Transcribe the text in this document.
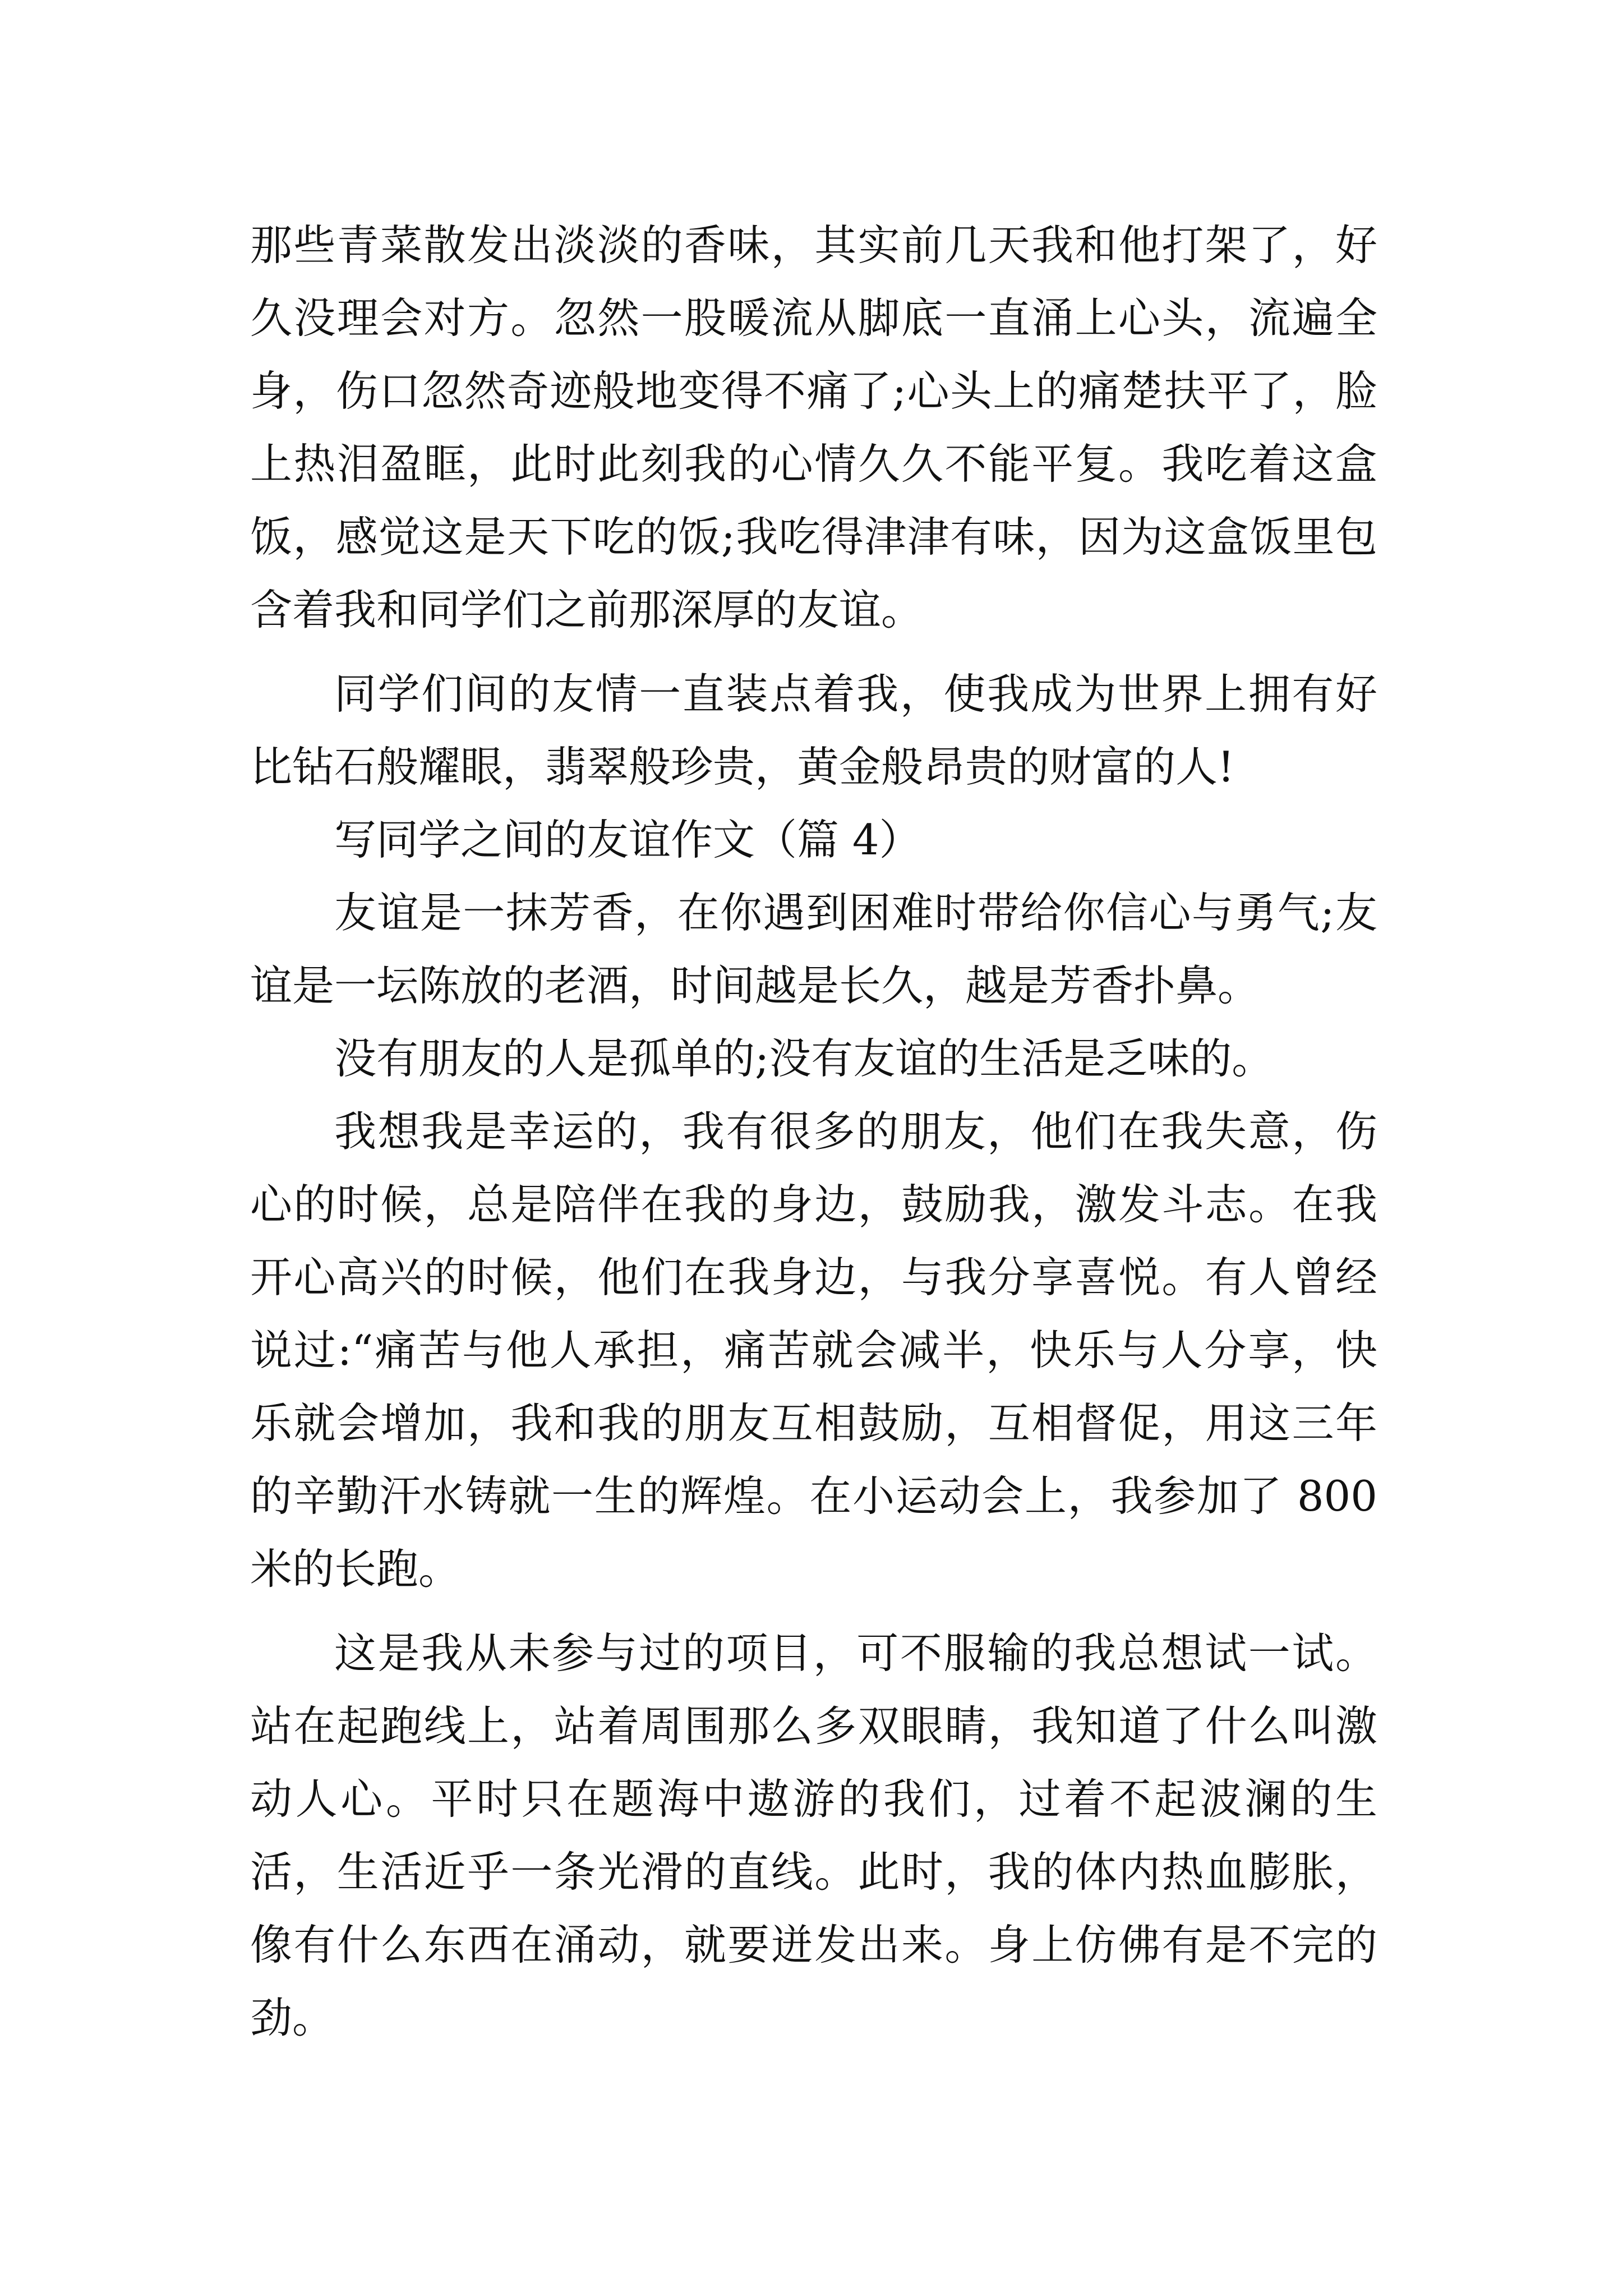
那些青菜散发出淡淡的香味，其实前几天我和他打架了，好久没理会对方。忽然一股暖流从脚底一直涌上心头，流遍全身，伤口忽然奇迹般地变得不痛了;心头上的痛楚扶平了，脸上热泪盈眶，此时此刻我的心情久久不能平复。我吃着这盒饭，感觉这是天下吃的饭;我吃得津津有味，因为这盒饭里包含着我和同学们之前那深厚的友谊。

同学们间的友情一直装点着我，使我成为世界上拥有好比钻石般耀眼，翡翠般珍贵，黄金般昂贵的财富的人!

写同学之间的友谊作文（篇 4）

友谊是一抹芳香，在你遇到困难时带给你信心与勇气;友谊是一坛陈放的老酒，时间越是长久，越是芳香扑鼻。

没有朋友的人是孤单的;没有友谊的生活是乏味的。

我想我是幸运的，我有很多的朋友，他们在我失意，伤心的时候，总是陪伴在我的身边，鼓励我，激发斗志。在我开心高兴的时候，他们在我身边，与我分享喜悦。有人曾经说过:“痛苦与他人承担，痛苦就会减半，快乐与人分享，快乐就会增加，我和我的朋友互相鼓励，互相督促，用这三年的辛勤汗水铸就一生的辉煌。在小运动会上，我参加了 800 米的长跑。

这是我从未参与过的项目，可不服输的我总想试一试。站在起跑线上，站着周围那么多双眼睛，我知道了什么叫激动人心。平时只在题海中遨游的我们，过着不起波澜的生活，生活近乎一条光滑的直线。此时，我的体内热血膨胀，像有什么东西在涌动，就要迸发出来。身上仿佛有是不完的劲。
